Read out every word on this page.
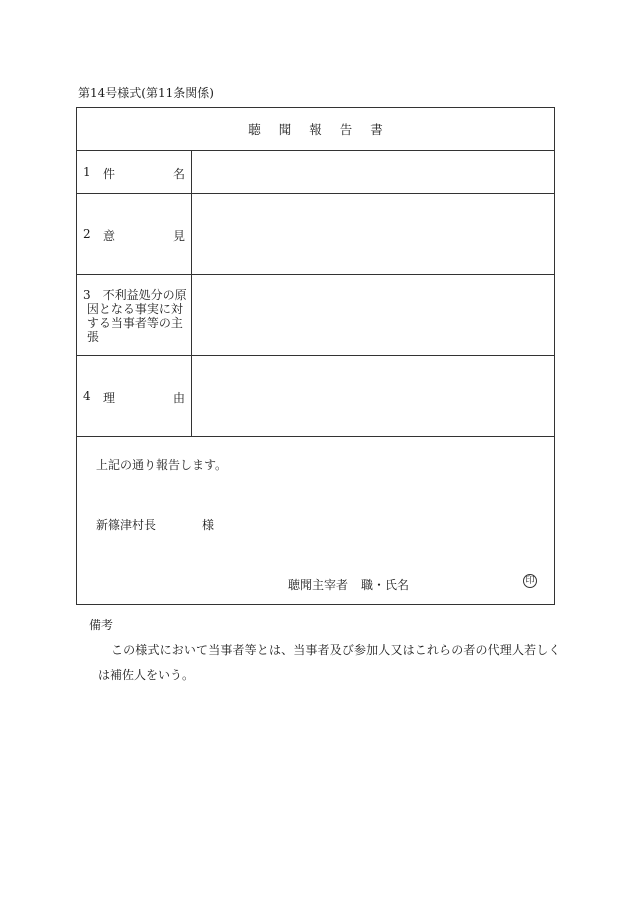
第14号様式(第11条関係)
聴聞報告書
1 件	名
2 意	見
3　不利益処分の原
因となる事実に対
する当事者等の主
張
4 理	由
上記の通り報告します。
新篠津村長	様
聴聞主宰者 職・氏名	印
備考
この様式において当事者等とは、当事者及び参加人又はこれらの者の代理人若しく
は補佐人をいう。
